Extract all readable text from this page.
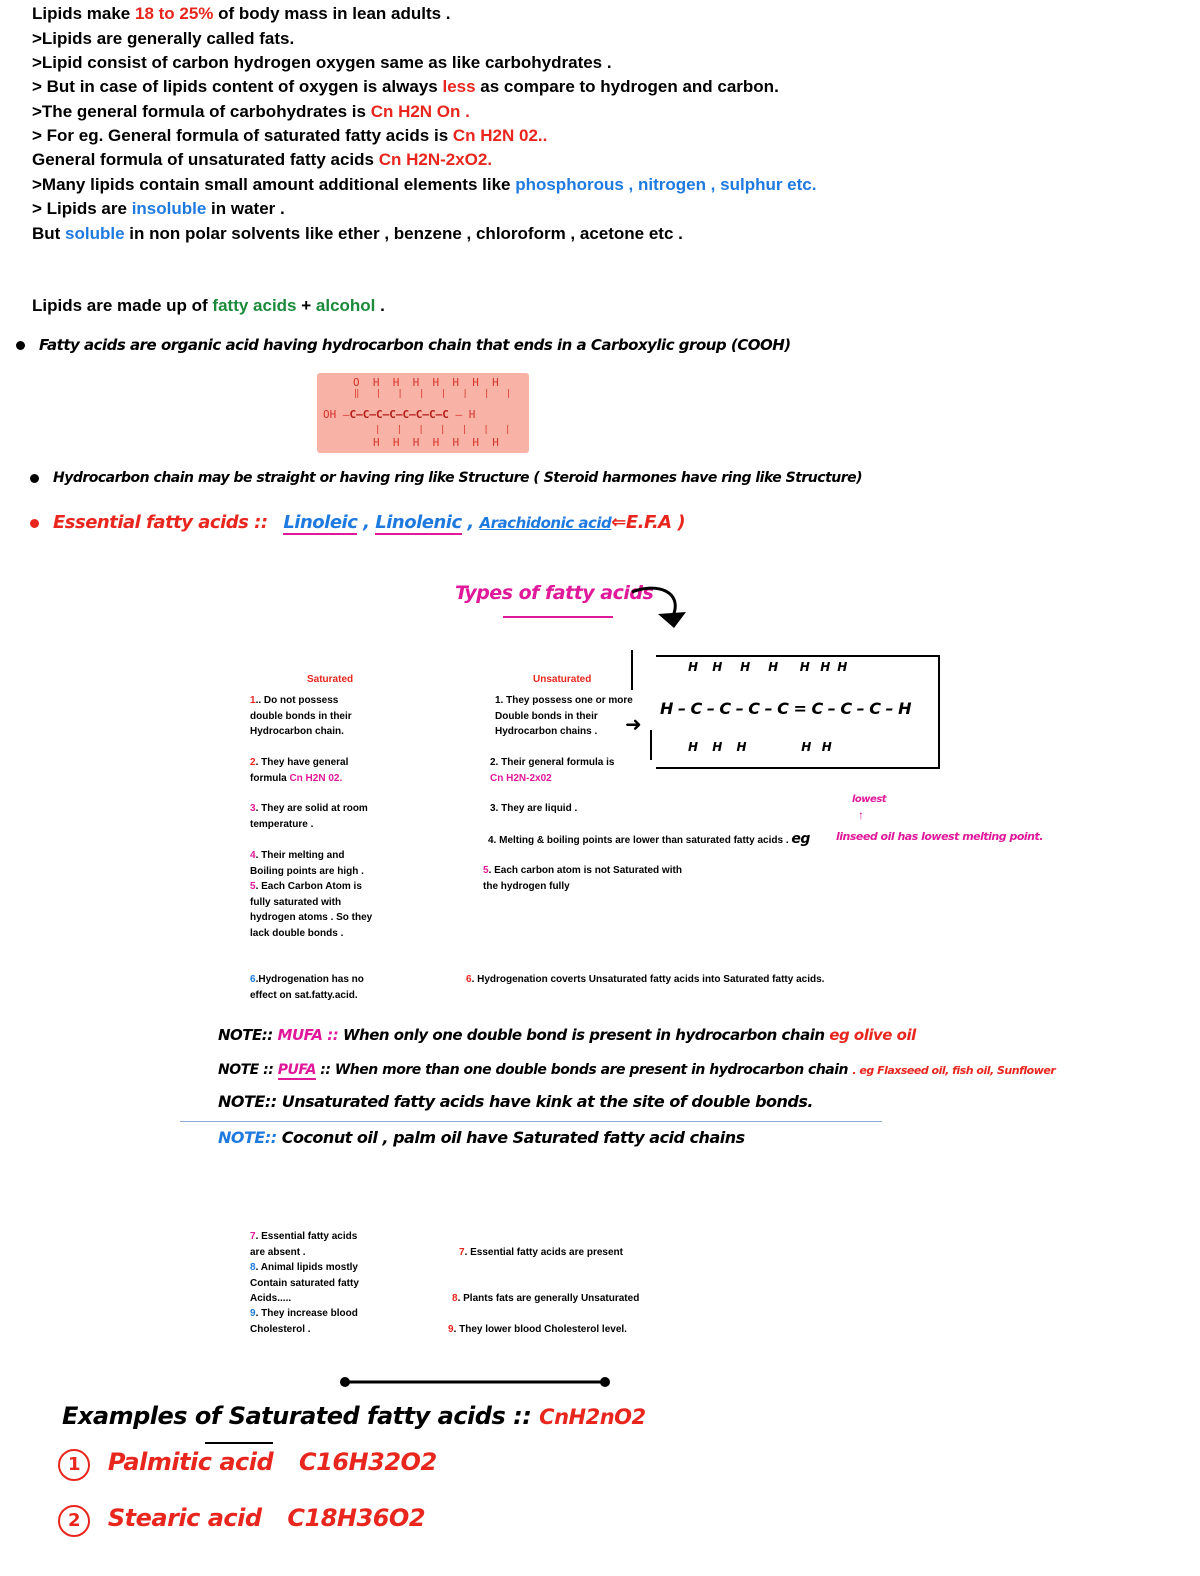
Lipids make 18 to 25% of body mass in lean adults .
>Lipids are generally called fats.
>Lipid consist of carbon hydrogen oxygen same as like carbohydrates .
> But in case of lipids content of oxygen is always less as compare to hydrogen and carbon.
>The general formula of carbohydrates is Cn H2N On .
> For eg. General formula of saturated fatty acids is Cn H2N 02..
General formula of unsaturated fatty acids Cn H2N-2xO2.
>Many lipids contain small amount additional elements like phosphorous , nitrogen , sulphur etc.
> Lipids are insoluble in water .
But soluble in non polar solvents like ether , benzene , chloroform , acetone etc .
Lipids are made up of fatty acids + alcohol .
Fatty acids are organic acid having hydrocarbon chain that ends in a Carboxylic group (COOH)
O  H  H  H  H  H  H  H
‖   |   |   |   |   |   |   |
OH –C–C–C–C–C–C–C–C – H
|   |   |   |   |   |   |
H  H  H  H  H  H  H
Hydrocarbon chain may be straight or having ring like Structure ( Steroid harmones have ring like Structure)
Essential fatty acids :: Linoleic , Linolenic , Arachidonic acid⇐E.F.A )
Types of fatty acids
H    H     H     H      H   H  H
H – C – C – C – C = C – C – C – H
H    H    H               H   H
➜
Saturated	Unsaturated
1.. Do not possess double bonds in their Hydrocarbon chain.
2. They have general formula Cn H2N 02.
3. They are solid at room temperature .
4. Their melting and Boiling points are high .
5. Each Carbon Atom is fully saturated with hydrogen atoms . So they lack double bonds .
6.Hydrogenation has no effect on sat.fatty.acid.
1. They possess one or more Double bonds in their Hydrocarbon chains .
2. Their general formula is Cn H2N-2x02
3. They are liquid .
4. Melting & boiling points are lower than saturated fatty acids . eg
lowest
↑
linseed oil has lowest melting point.
5. Each carbon atom is not Saturated with the hydrogen fully
6. Hydrogenation coverts Unsaturated fatty acids into Saturated fatty acids.
NOTE:: MUFA :: When only one double bond is present in hydrocarbon chain eg olive oil
NOTE :: PUFA :: When more than one double bonds are present in hydrocarbon chain . eg Flaxseed oil, fish oil, Sunflower
NOTE:: Unsaturated fatty acids have kink at the site of double bonds.
NOTE:: Coconut oil , palm oil have Saturated fatty acid chains
7. Essential fatty acids are absent .
8. Animal lipids mostly Contain saturated fatty Acids.....
9. They increase blood Cholesterol .
7. Essential fatty acids are present
8. Plants fats are generally Unsaturated
9. They lower blood Cholesterol level.
Examples of Saturated fatty acids :: CnH2nO2
1 Palmitic acid C16H32O2
2 Stearic acid C18H36O2
